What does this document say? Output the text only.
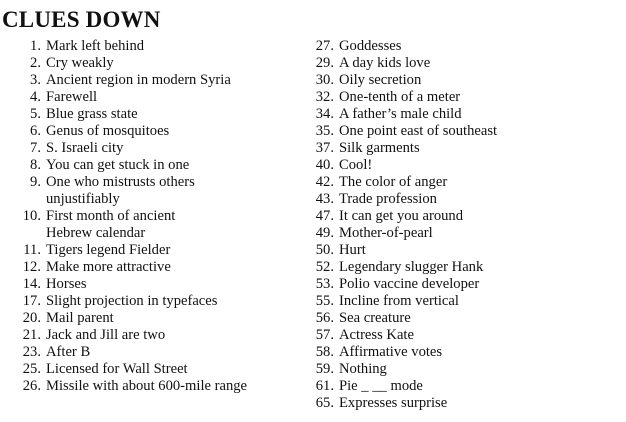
CLUES DOWN
1. Mark left behind
2. Cry weakly
3. Ancient region in modern Syria
4. Farewell
5. Blue grass state
6. Genus of mosquitoes
7. S. Israeli city
8. You can get stuck in one
9. One who mistrusts others
unjustifiably
10. First month of ancient
Hebrew calendar
11. Tigers legend Fielder
12. Make more attractive
14. Horses
17. Slight projection in typefaces
20. Mail parent
21. Jack and Jill are two
23. After B
25. Licensed for Wall Street
26. Missile with about 600-mile range
27. Goddesses
29. A day kids love
30. Oily secretion
32. One-tenth of a meter
34. A father’s male child
35. One point east of southeast
37. Silk garments
40. Cool!
42. The color of anger
43. Trade profession
47. It can get you around
49. Mother-of-pearl
50. Hurt
52. Legendary slugger Hank
53. Polio vaccine developer
55. Incline from vertical
56. Sea creature
57. Actress Kate
58. Affirmative votes
59. Nothing
61. Pie _ __ mode
65. Expresses surprise
